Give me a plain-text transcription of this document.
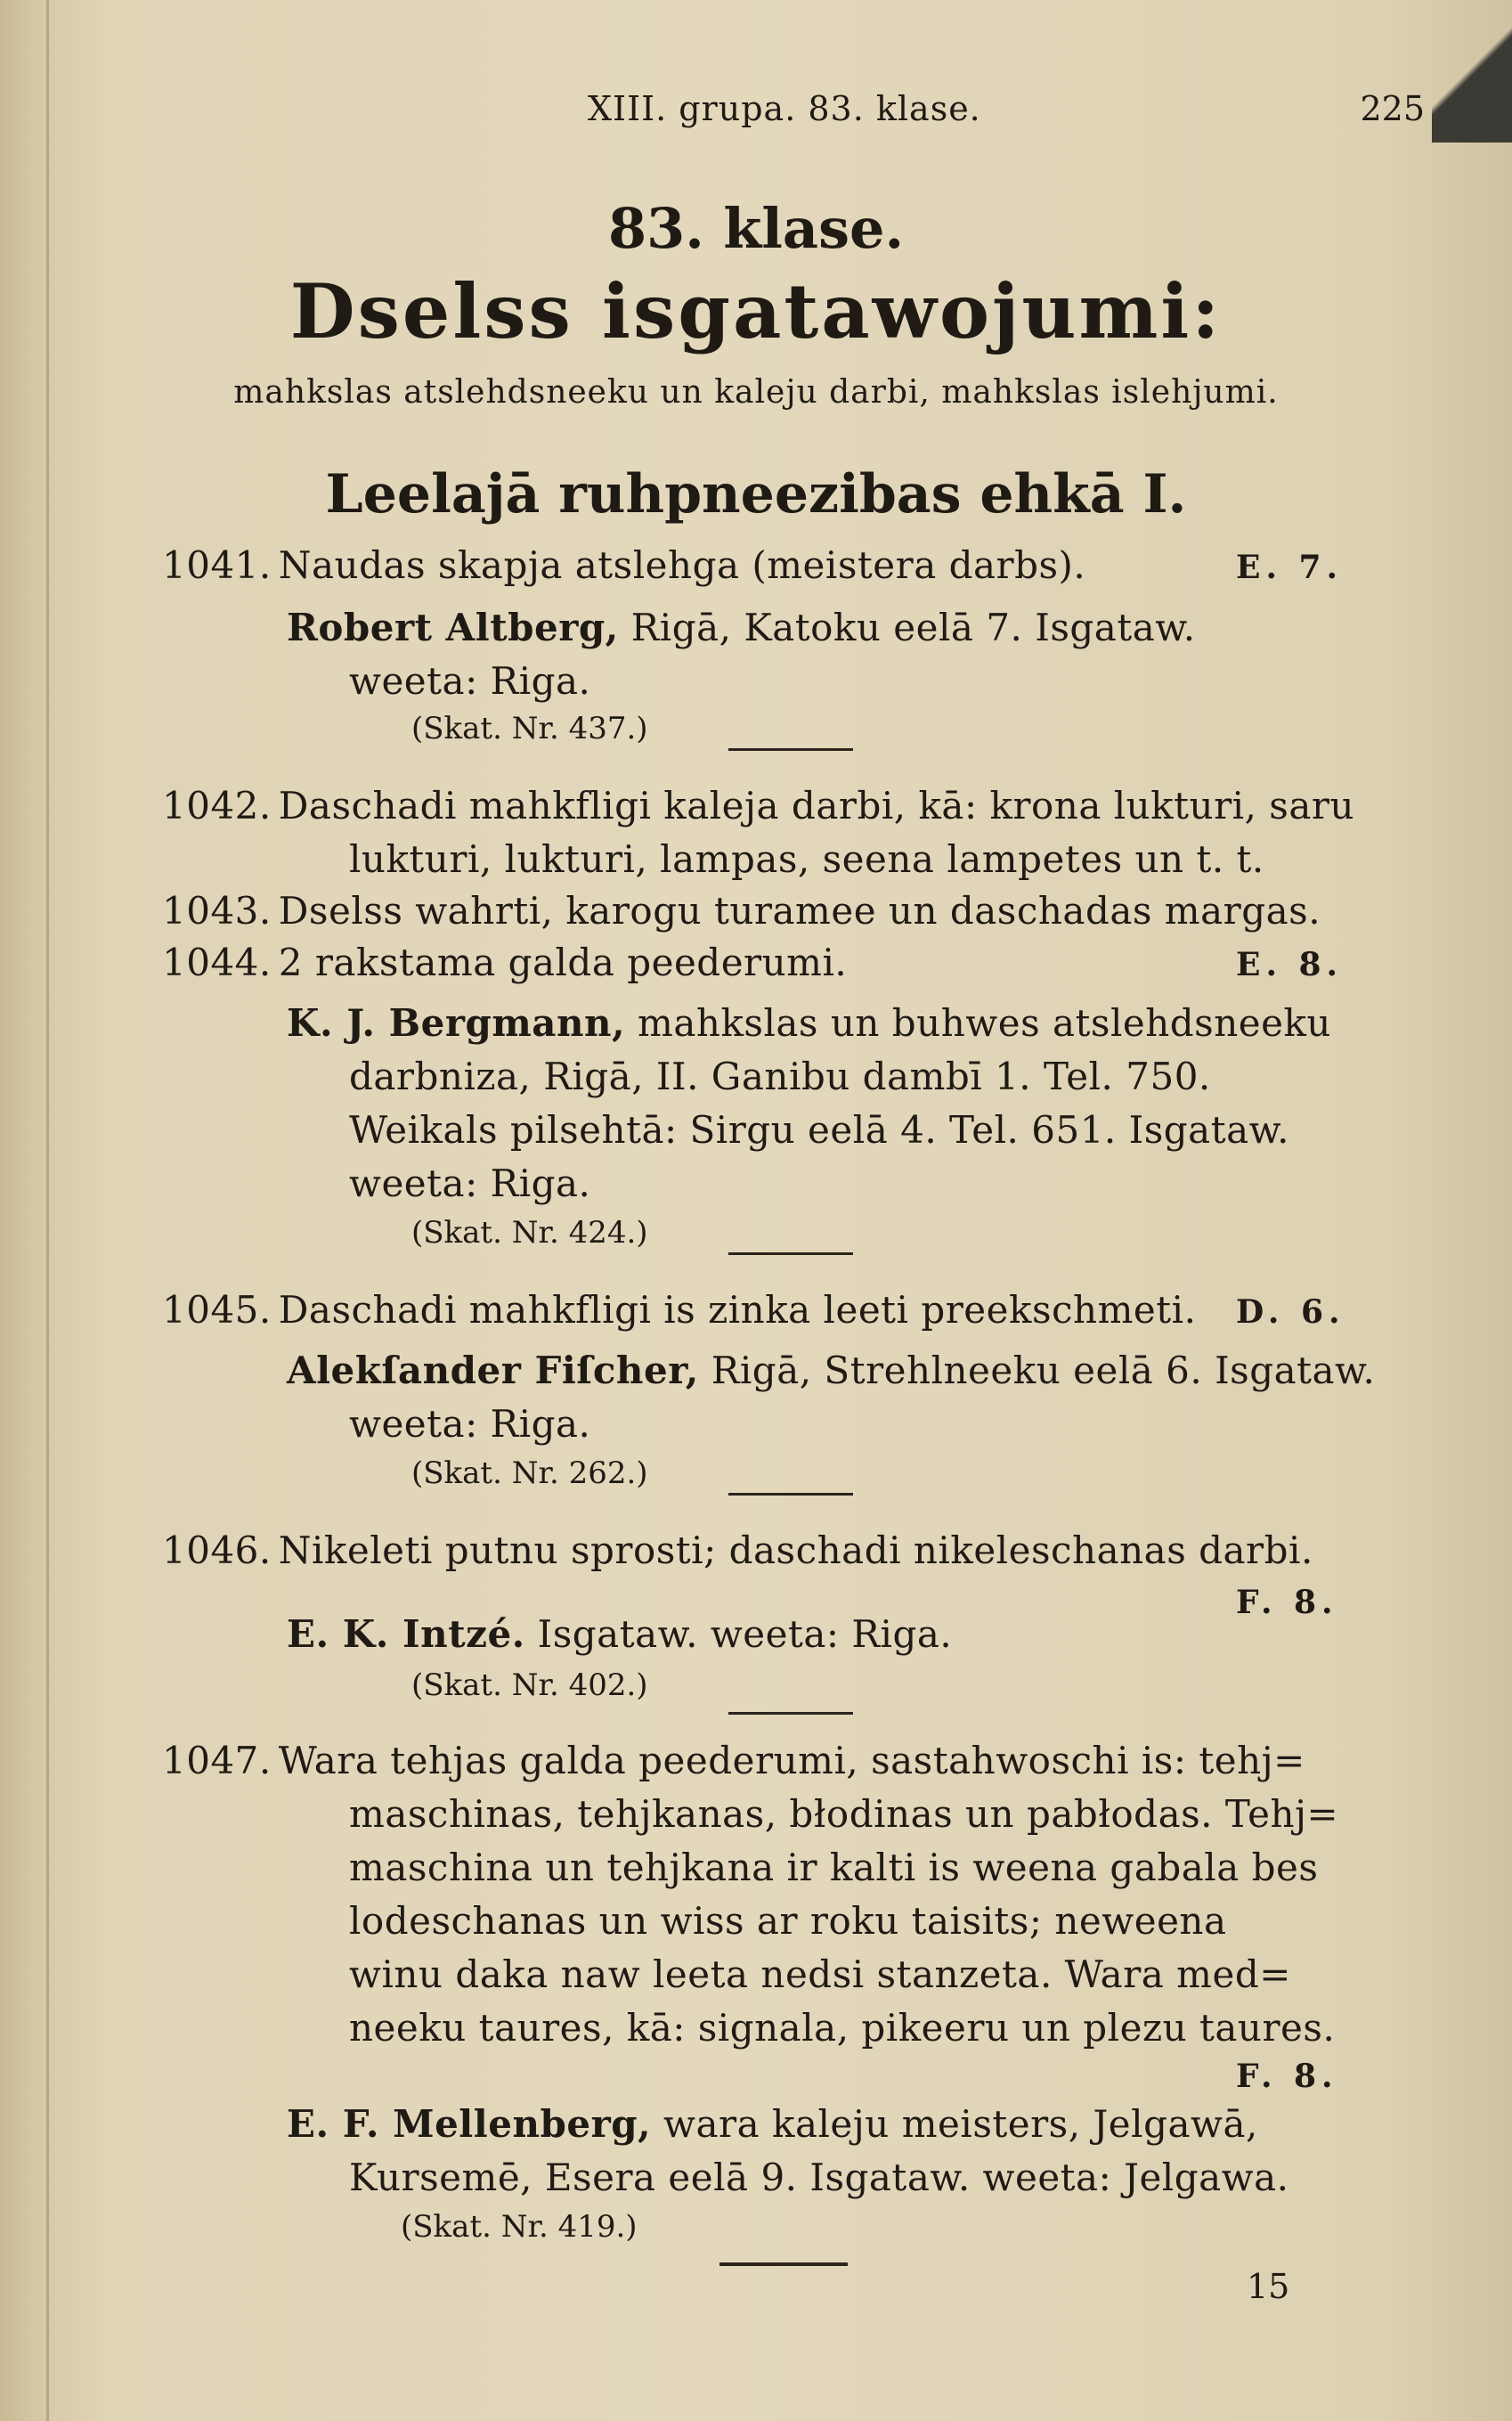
XIII. grupa. 83. klase.	225
83. klase.
Dselss isgatawojumi:
mahkslas atslehdsneeku un kaleju darbi, mahkslas islehjumi.
Leelajā ruhpneezibas ehkā I.
1041. Naudas skapja atslehga (meistera darbs).	E. 7.
Robert Altberg, Rigā, Katoku eelā 7. Isgataw.
weeta: Riga.
(Skat. Nr. 437.)
1042. Daschadi mahkfligi kaleja darbi, kā: krona lukturi, saru
lukturi, lukturi, lampas, seena lampetes un t. t.
1043. Dselss wahrti, karogu turamee un daschadas margas.
1044. 2 rakstama galda peederumi.	E. 8.
K. J. Bergmann, mahkslas un buhwes atslehdsneeku
darbniza, Rigā, II. Ganibu dambī 1. Tel. 750.
Weikals pilsehtā: Sirgu eelā 4. Tel. 651. Isgataw.
weeta: Riga.
(Skat. Nr. 424.)
1045. Daschadi mahkfligi is zinka leeti preekschmeti. D. 6.
Alekſander Fiſcher, Rigā, Strehlneeku eelā 6. Isgataw.
weeta: Riga.
(Skat. Nr. 262.)
1046. Nikeleti putnu sprosti; daschadi nikeleschanas darbi.
F. 8.
E. K. Intzé. Isgataw. weeta: Riga.
(Skat. Nr. 402.)
1047. Wara tehjas galda peederumi, sastahwoschi is: tehj=
maschinas, tehjkanas, błodinas un pabłodas. Tehj=
maschina un tehjkana ir kalti is weena gabala bes
lodeschanas un wiss ar roku taisits; neweena
winu daka naw leeta nedsi stanzeta. Wara med=
neeku taures, kā: signala, pikeeru un plezu taures.
F. 8.
E. F. Mellenberg, wara kaleju meisters, Jelgawā,
Kursemē, Esera eelā 9. Isgataw. weeta: Jelgawa.
(Skat. Nr. 419.)
15
